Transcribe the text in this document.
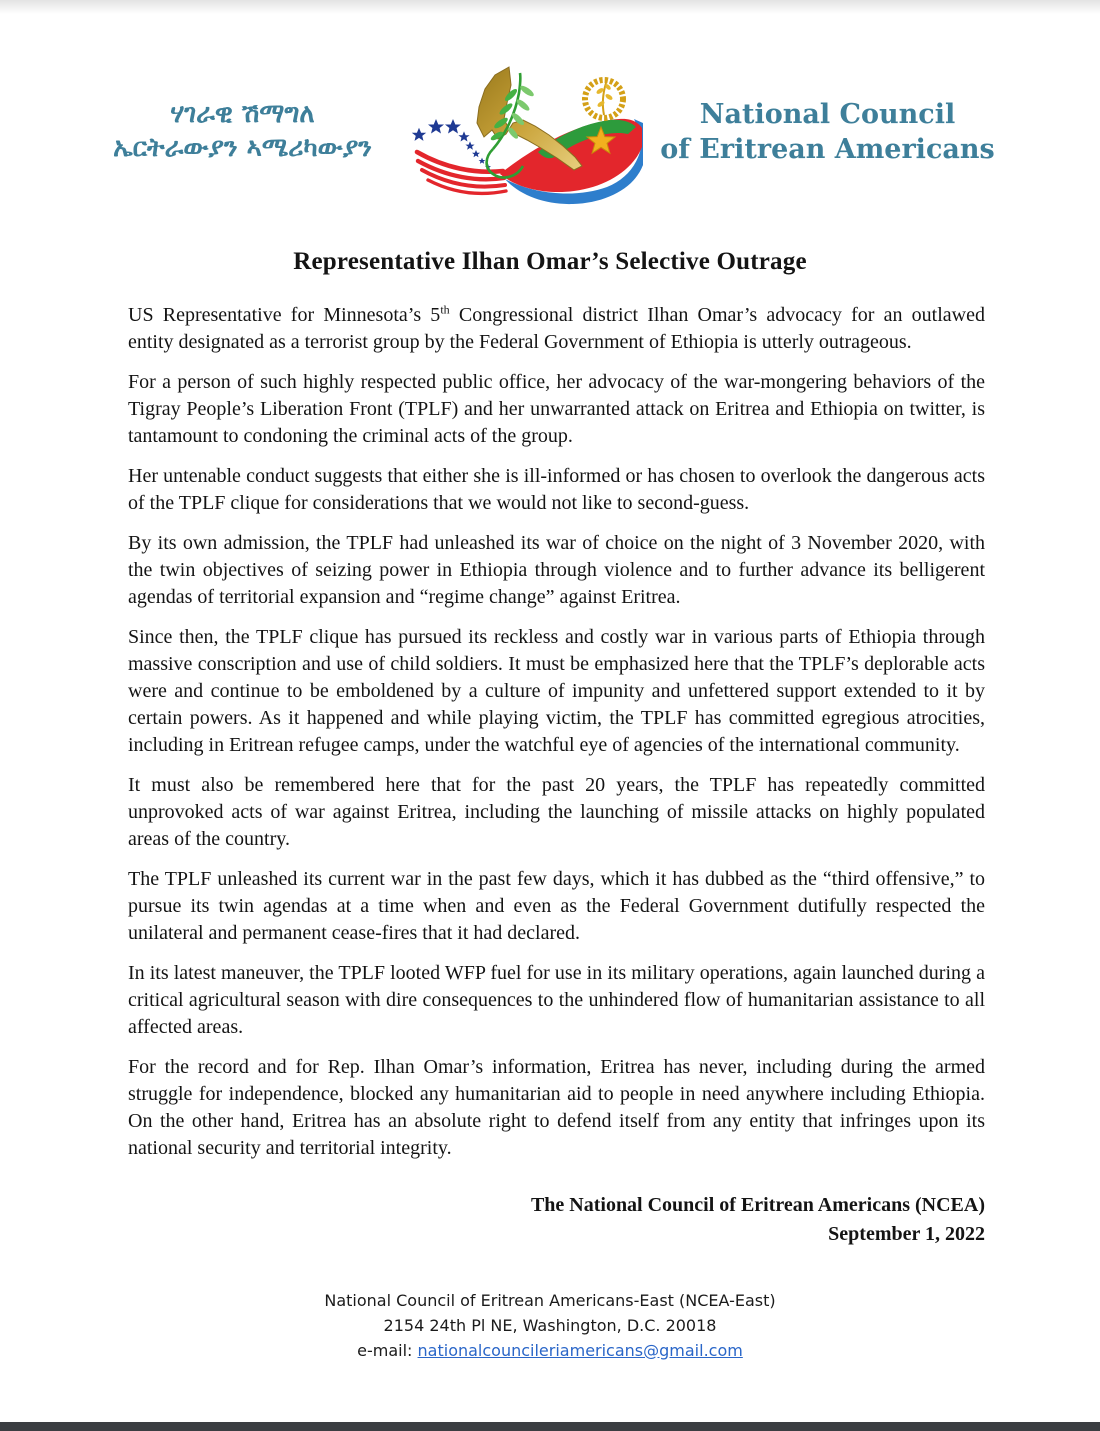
ሃገራዊ ሽማግለ
ኤርትራውያን ኣሜሪካውያን
National Council
of Eritrean Americans
Representative Ilhan Omar’s Selective Outrage

US Representative for Minnesota’s 5th Congressional district Ilhan Omar’s advocacy for an outlawed entity designated as a terrorist group by the Federal Government of Ethiopia is utterly outrageous.

For a person of such highly respected public office, her advocacy of the war-mongering behaviors of the Tigray People’s Liberation Front (TPLF) and her unwarranted attack on Eritrea and Ethiopia on twitter, is tantamount to condoning the criminal acts of the group.

Her untenable conduct suggests that either she is ill-informed or has chosen to overlook the dangerous acts of the TPLF clique for considerations that we would not like to second-guess.

By its own admission, the TPLF had unleashed its war of choice on the night of 3 November 2020, with the twin objectives of seizing power in Ethiopia through violence and to further advance its belligerent agendas of territorial expansion and “regime change” against Eritrea.

Since then, the TPLF clique has pursued its reckless and costly war in various parts of Ethiopia through massive conscription and use of child soldiers. It must be emphasized here that the TPLF’s deplorable acts were and continue to be emboldened by a culture of impunity and unfettered support extended to it by certain powers. As it happened and while playing victim, the TPLF has committed egregious atrocities, including in Eritrean refugee camps, under the watchful eye of agencies of the international community.

It must also be remembered here that for the past 20 years, the TPLF has repeatedly committed unprovoked acts of war against Eritrea, including the launching of missile attacks on highly populated areas of the country.

The TPLF unleashed its current war in the past few days, which it has dubbed as the “third offensive,” to pursue its twin agendas at a time when and even as the Federal Government dutifully respected the unilateral and permanent cease-fires that it had declared.

In its latest maneuver, the TPLF looted WFP fuel for use in its military operations, again launched during a critical agricultural season with dire consequences to the unhindered flow of humanitarian assistance to all affected areas.

For the record and for Rep. Ilhan Omar’s information, Eritrea has never, including during the armed struggle for independence, blocked any humanitarian aid to people in need anywhere including Ethiopia. On the other hand, Eritrea has an absolute right to defend itself from any entity that infringes upon its national security and territorial integrity.

The National Council of Eritrean Americans (NCEA)
September 1, 2022
National Council of Eritrean Americans-East (NCEA-East)
2154 24th Pl NE, Washington, D.C. 20018
e-mail: nationalcouncileriamericans@gmail.com
